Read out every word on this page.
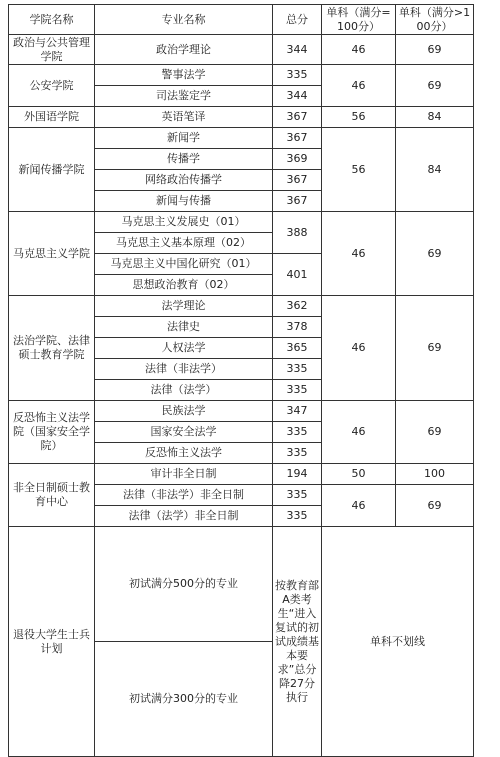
学院名称	专业名称	总分	单科（满分=100分）	单科（满分>100分）
政治与公共管理学院	政治学理论	344	46	69
公安学院	警事法学	335	46	69
	司法鉴定学	344		
外国语学院	英语笔译	367	56	84
新闻传播学院	新闻学	367	56	84
	传播学	369		
	网络政治传播学	367		
	新闻与传播	367		
马克思主义学院	马克思主义发展史（01）	388	46	69
	马克思主义基本原理（02）			
	马克思主义中国化研究（01）	401		
	思想政治教育（02）			
法治学院、法律硕士教育学院	法学理论	362	46	69
	法律史	378		
	人权法学	365		
	法律（非法学）	335		
	法律（法学）	335		
反恐怖主义法学院（国家安全学院）	民族法学	347	46	69
	国家安全法学	335		
	反恐怖主义法学	335		
非全日制硕士教育中心	审计非全日制	194	50	100
	法律（非法学）非全日制	335	46	69
	法律（法学）非全日制	335		
退役大学生士兵计划	初试满分500分的专业	按教育部A类考生“进入复试的初试成绩基本要求”总分降27分执行	单科不划线	
	初试满分300分的专业			
